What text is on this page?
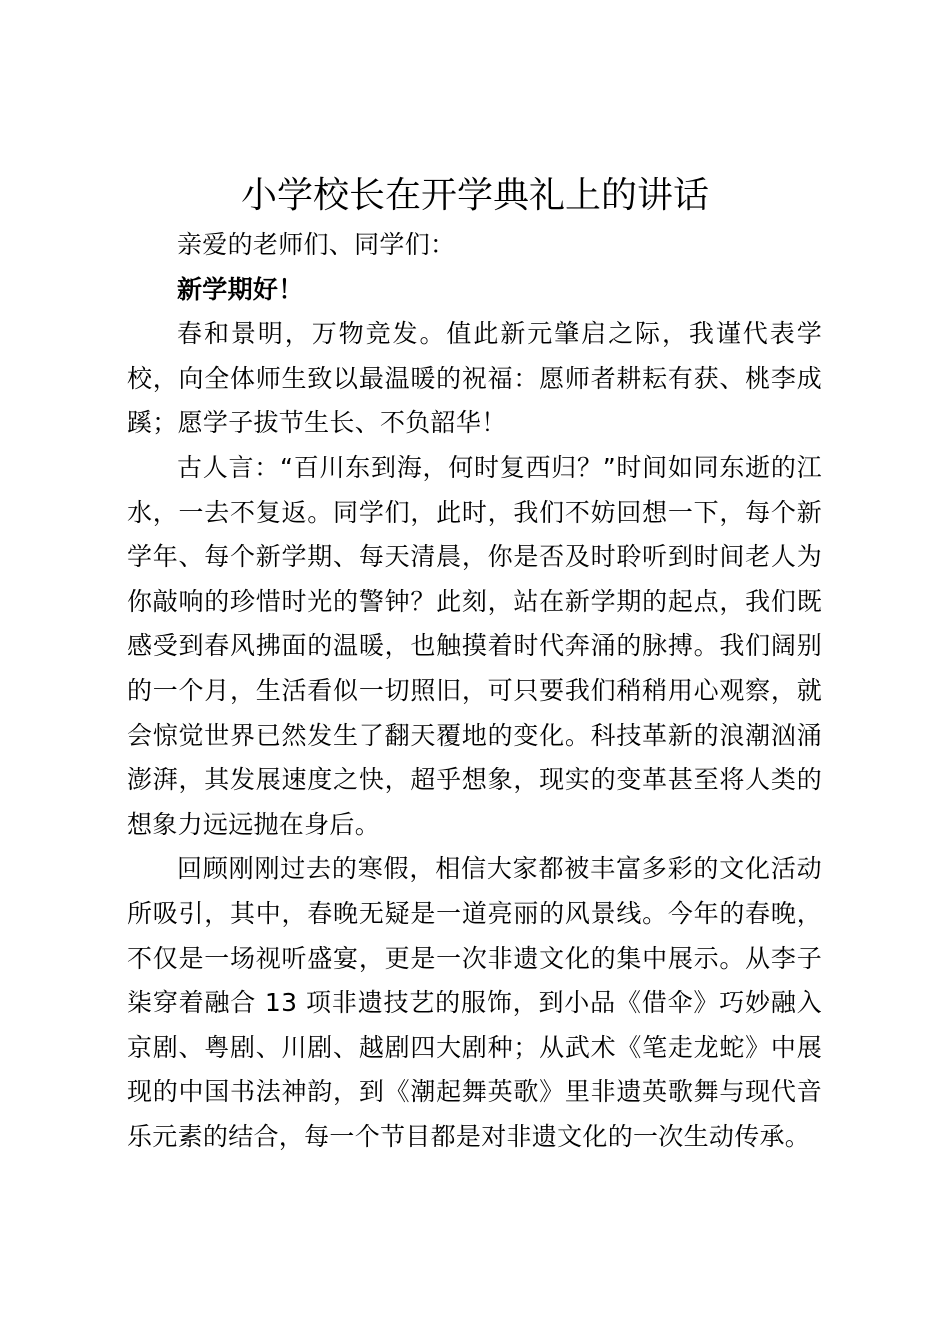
小学校长在开学典礼上的讲话

亲爱的老师们、同学们：

新学期好！

春和景明，万物竞发。值此新元肇启之际，我谨代表学校，向全体师生致以最温暖的祝福：愿师者耕耘有获、桃李成蹊；愿学子拔节生长、不负韶华！

古人言：“百川东到海，何时复西归？”时间如同东逝的江水，一去不复返。同学们，此时，我们不妨回想一下，每个新学年、每个新学期、每天清晨，你是否及时聆听到时间老人为你敲响的珍惜时光的警钟？此刻，站在新学期的起点，我们既感受到春风拂面的温暖，也触摸着时代奔涌的脉搏。我们阔别的一个月，生活看似一切照旧，可只要我们稍稍用心观察，就会惊觉世界已然发生了翻天覆地的变化。科技革新的浪潮汹涌澎湃，其发展速度之快，超乎想象，现实的变革甚至将人类的想象力远远抛在身后。

回顾刚刚过去的寒假，相信大家都被丰富多彩的文化活动所吸引，其中，春晚无疑是一道亮丽的风景线。今年的春晚，不仅是一场视听盛宴，更是一次非遗文化的集中展示。从李子柒穿着融合 13 项非遗技艺的服饰，到小品《借伞》巧妙融入京剧、粤剧、川剧、越剧四大剧种；从武术《笔走龙蛇》中展现的中国书法神韵，到《潮起舞英歌》里非遗英歌舞与现代音乐元素的结合，每一个节目都是对非遗文化的一次生动传承。
